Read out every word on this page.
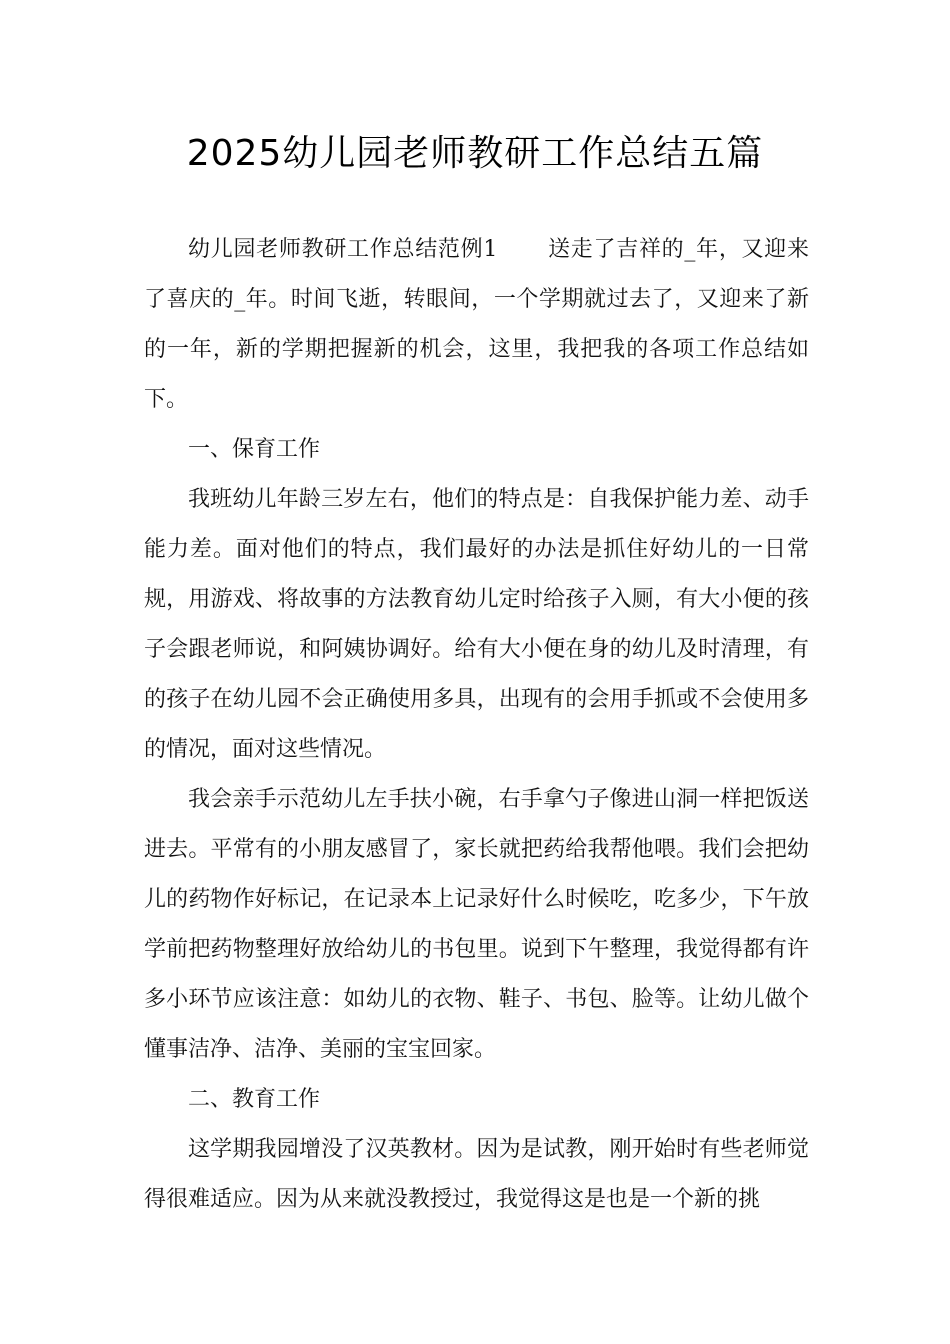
2025幼儿园老师教研工作总结五篇

幼儿园老师教研工作总结范例1 送走了吉祥的_年，又迎来了喜庆的_年。时间飞逝，转眼间，一个学期就过去了，又迎来了新的一年，新的学期把握新的机会，这里，我把我的各项工作总结如下。

一、保育工作

我班幼儿年龄三岁左右，他们的特点是：自我保护能力差、动手能力差。面对他们的特点，我们最好的办法是抓住好幼儿的一日常规，用游戏、将故事的方法教育幼儿定时给孩子入厕，有大小便的孩子会跟老师说，和阿姨协调好。给有大小便在身的幼儿及时清理，有的孩子在幼儿园不会正确使用多具，出现有的会用手抓或不会使用多的情况，面对这些情况。

我会亲手示范幼儿左手扶小碗，右手拿勺子像进山洞一样把饭送进去。平常有的小朋友感冒了，家长就把药给我帮他喂。我们会把幼儿的药物作好标记，在记录本上记录好什么时候吃，吃多少，下午放学前把药物整理好放给幼儿的书包里。说到下午整理，我觉得都有许多小环节应该注意：如幼儿的衣物、鞋子、书包、脸等。让幼儿做个懂事洁净、洁净、美丽的宝宝回家。

二、教育工作

这学期我园增没了汉英教材。因为是试教，刚开始时有些老师觉得很难适应。因为从来就没教授过，我觉得这是也是一个新的挑
